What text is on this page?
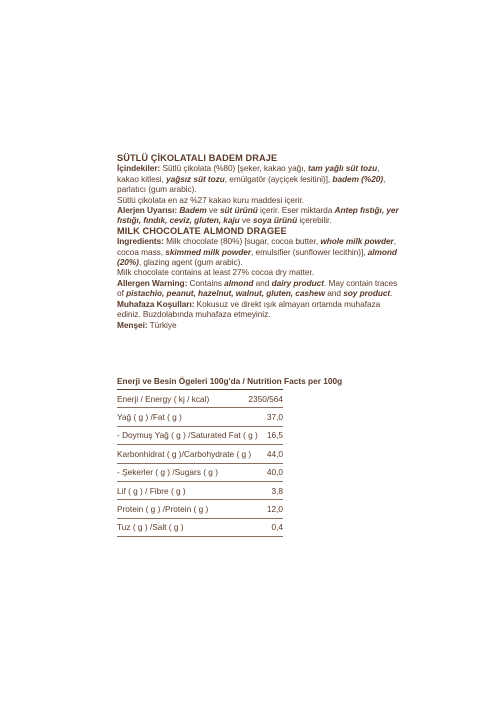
SÜTLÜ ÇİKOLATALI BADEM DRAJE

İçindekiler: Sütlü çikolata (%80) [şeker, kakao yağı, tam yağlı süt tozu, kakao kitlesi, yağsız süt tozu, emülgatör (ayçiçek lesitini)], badem (%20), parlatıcı (gum arabic).

Sütlü çikolata en az %27 kakao kuru maddesi içerir.

Alerjen Uyarısı: Badem ve süt ürünü içerir. Eser miktarda Antep fıstığı, yer fıstığı, fındık, ceviz, gluten, kaju ve soya ürünü içerebilir.

MILK CHOCOLATE ALMOND DRAGEE

Ingredients: Milk chocolate (80%) [sugar, cocoa butter, whole milk powder, cocoa mass, skimmed milk powder, emulsifier (sunflower lecithin)], almond (20%), glazing agent (gum arabic).

Milk chocolate contains at least 27% cocoa dry matter.

Allergen Warning: Contains almond and dairy product. May contain traces of pistachio, peanut, hazelnut, walnut, gluten, cashew and soy product.

Muhafaza Koşulları: Kokusuz ve direkt ışık almayan ortamda muhafaza ediniz. Buzdolabında muhafaza etmeyiniz.

Menşei: Türkiye

Enerji ve Besin Ögeleri 100g'da / Nutrition Facts per 100g
Enerji / Energy ( kj / kcal)	2350/564
Yağ ( g ) /Fat ( g )	37,0
- Doymuş Yağ ( g ) /Saturated Fat ( g ) 16,5
Karbonhidrat ( g )/Carbohydrate ( g ) 44,0
- Şekerler ( g ) /Sugars ( g )	40,0
Lif ( g ) / Fibre ( g )	3,8
Protein ( g ) /Protein ( g )	12,0
Tuz ( g ) /Salt ( g )	0,4
